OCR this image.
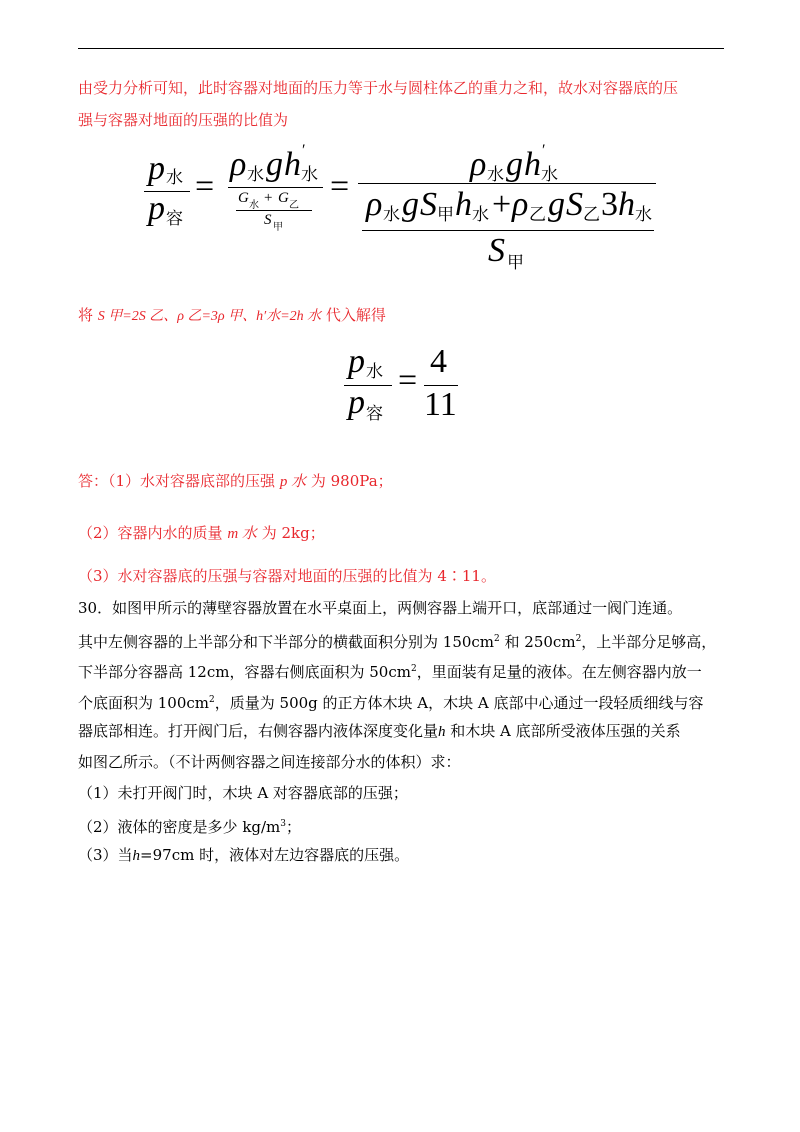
由受力分析可知，此时容器对地面的压力等于水与圆柱体乙的重力之和，故水对容器底的压
强与容器对地面的压强的比值为
p 水
p 容
=
ρ 水 g h ′
水
G 水 + G 乙
S 甲
=
ρ 水 g h ′
水
ρ 水 g S 甲 h 水 + ρ 乙 g S 乙 3 h 水
S 甲
将 S 甲=2S 乙、ρ 乙=3ρ 甲、h′水=2h 水 代入解得
p 水
p 容
=
4
11
答：（1）水对容器底部的压强 p 水 为 980Pa；
（2）容器内水的质量 m 水 为 2kg；
（3）水对容器底的压强与容器对地面的压强的比值为 4∶11。
30．如图甲所示的薄壁容器放置在水平桌面上，两侧容器上端开口，底部通过一阀门连通。
其中左侧容器的上半部分和下半部分的横截面积分别为 $150cm^2$ 和 $250cm^2$，上半部分足够高，
下半部分容器高 12cm，容器右侧底面积为 $50cm^2$，里面装有足量的液体。在左侧容器内放一
个底面积为 $100cm^2$，质量为 500g 的正方体木块 A，木块 A 底部中心通过一段轻质细线与容
器底部相连。打开阀门后，右侧容器内液体深度变化量h 和木块 A 底部所受液体压强的关系
如图乙所示。（不计两侧容器之间连接部分水的体积）求：
（1）未打开阀门时，木块 A 对容器底部的压强；
（2）液体的密度是多少 $kg/m^3$；
（3）当h=97cm 时，液体对左边容器底的压强。
